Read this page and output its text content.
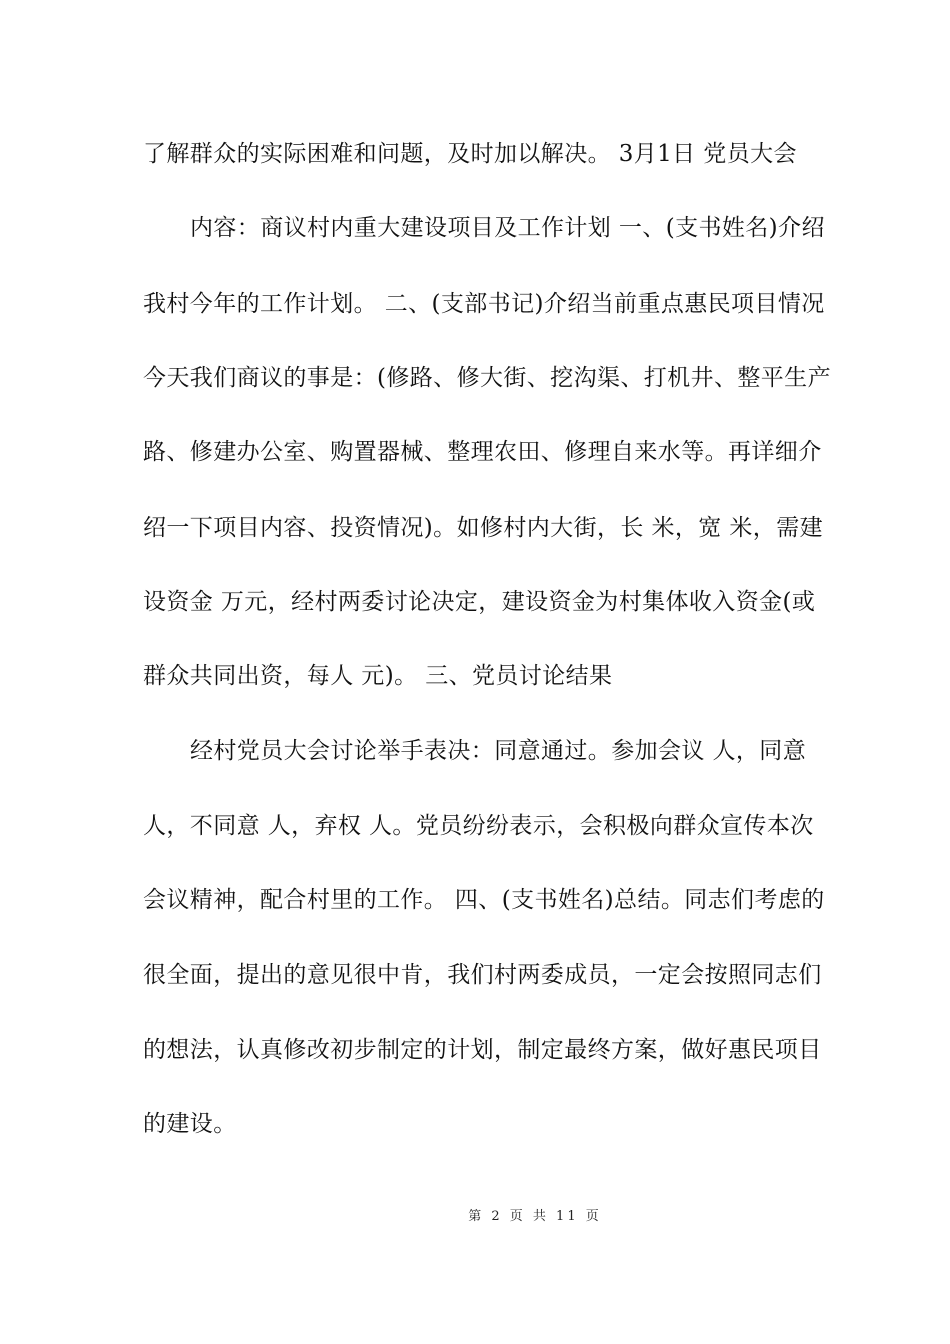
了解群众的实际困难和问题，及时加以解决。 3月1日 党员大会
内容：商议村内重大建设项目及工作计划 一、(支书姓名)介绍
我村今年的工作计划。 二、(支部书记)介绍当前重点惠民项目情况
今天我们商议的事是：(修路、修大街、挖沟渠、打机井、整平生产
路、修建办公室、购置器械、整理农田、修理自来水等。再详细介
绍一下项目内容、投资情况)。如修村内大街，长 米，宽 米，需建
设资金 万元，经村两委讨论决定，建设资金为村集体收入资金(或
群众共同出资，每人 元)。 三、党员讨论结果
经村党员大会讨论举手表决：同意通过。参加会议 人，同意
人，不同意 人，弃权 人。党员纷纷表示，会积极向群众宣传本次
会议精神，配合村里的工作。 四、(支书姓名)总结。同志们考虑的
很全面，提出的意见很中肯，我们村两委成员，一定会按照同志们
的想法，认真修改初步制定的计划，制定最终方案，做好惠民项目
的建设。
第 2 页 共 11 页
